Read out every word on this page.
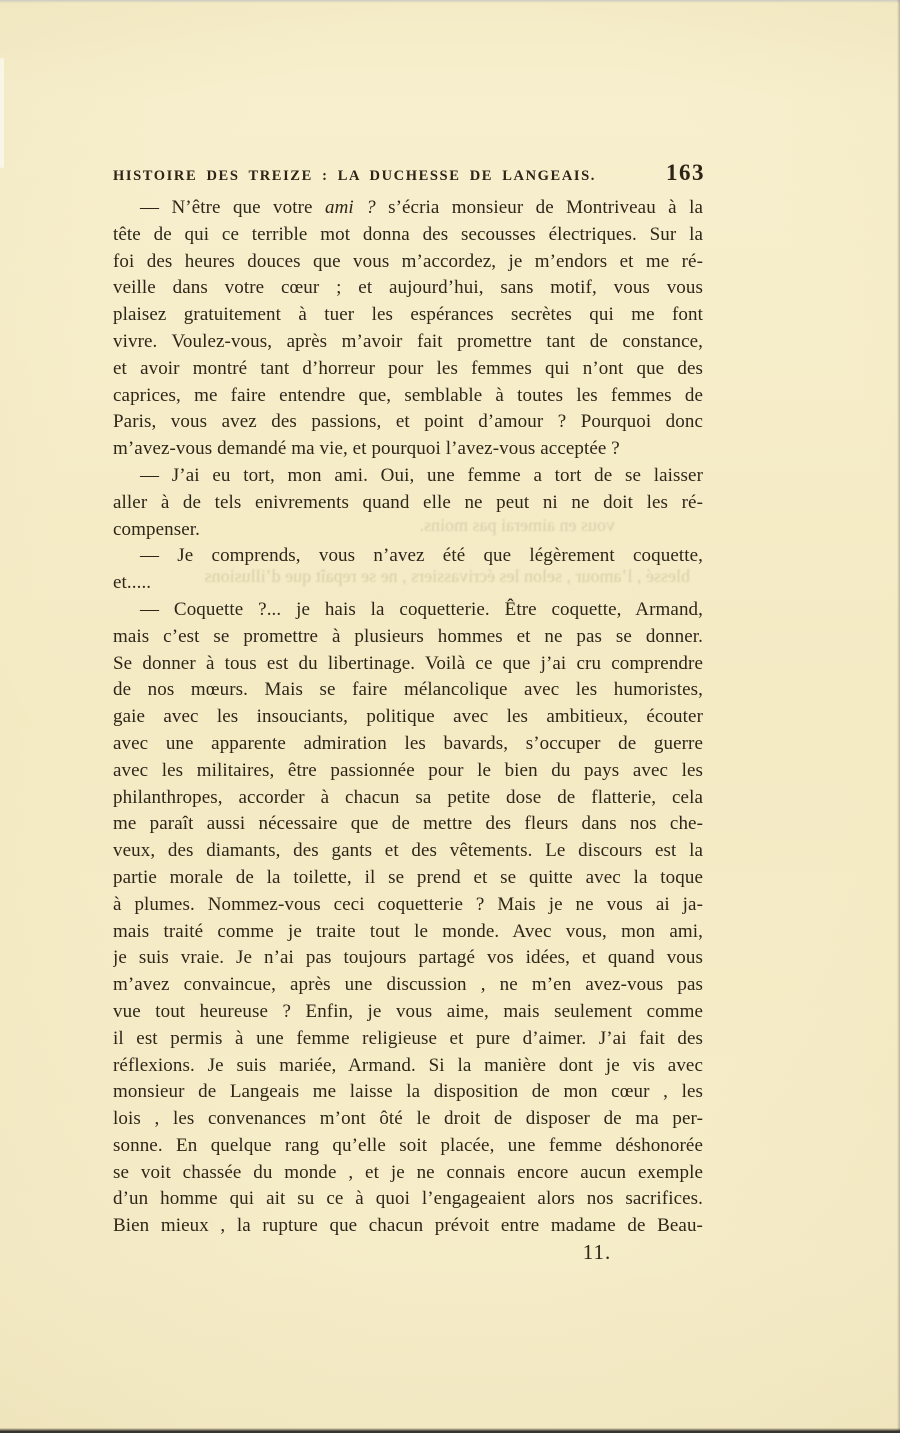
HISTOIRE DES TREIZE : LA DUCHESSE DE LANGEAIS.	163
— N’être que votre ami ? s’écria monsieur de Montriveau à la
tête de qui ce terrible mot donna des secousses électriques. Sur la
foi des heures douces que vous m’accordez, je m’endors et me ré-
veille dans votre cœur ; et aujourd’hui, sans motif, vous vous
plaisez gratuitement à tuer les espérances secrètes qui me font
vivre. Voulez-vous, après m’avoir fait promettre tant de constance,
et avoir montré tant d’horreur pour les femmes qui n’ont que des
caprices, me faire entendre que, semblable à toutes les femmes de
Paris, vous avez des passions, et point d’amour ? Pourquoi donc
m’avez-vous demandé ma vie, et pourquoi l’avez-vous acceptée ?
— J’ai eu tort, mon ami. Oui, une femme a tort de se laisser
aller à de tels enivrements quand elle ne peut ni ne doit les ré-
compenser.
— Je comprends, vous n’avez été que légèrement coquette,
et.....
— Coquette ?... je hais la coquetterie. Être coquette, Armand,
mais c’est se promettre à plusieurs hommes et ne pas se donner.
Se donner à tous est du libertinage. Voilà ce que j’ai cru comprendre
de nos mœurs. Mais se faire mélancolique avec les humoristes,
gaie avec les insouciants, politique avec les ambitieux, écouter
avec une apparente admiration les bavards, s’occuper de guerre
avec les militaires, être passionnée pour le bien du pays avec les
philanthropes, accorder à chacun sa petite dose de flatterie, cela
me paraît aussi nécessaire que de mettre des fleurs dans nos che-
veux, des diamants, des gants et des vêtements. Le discours est la
partie morale de la toilette, il se prend et se quitte avec la toque
à plumes. Nommez-vous ceci coquetterie ? Mais je ne vous ai ja-
mais traité comme je traite tout le monde. Avec vous, mon ami,
je suis vraie. Je n’ai pas toujours partagé vos idées, et quand vous
m’avez convaincue, après une discussion , ne m’en avez-vous pas
vue tout heureuse ? Enfin, je vous aime, mais seulement comme
il est permis à une femme religieuse et pure d’aimer. J’ai fait des
réflexions. Je suis mariée, Armand. Si la manière dont je vis avec
monsieur de Langeais me laisse la disposition de mon cœur , les
lois , les convenances m’ont ôté le droit de disposer de ma per-
sonne. En quelque rang qu’elle soit placée, une femme déshonorée
se voit chassée du monde , et je ne connais encore aucun exemple
d’un homme qui ait su ce à quoi l’engageaient alors nos sacrifices.
Bien mieux , la rupture que chacun prévoit entre madame de Beau-
11.
vous en aimerai pas moins.
blessé , l’amour , selon les écrivassiers , ne se repaît que d’illusions
